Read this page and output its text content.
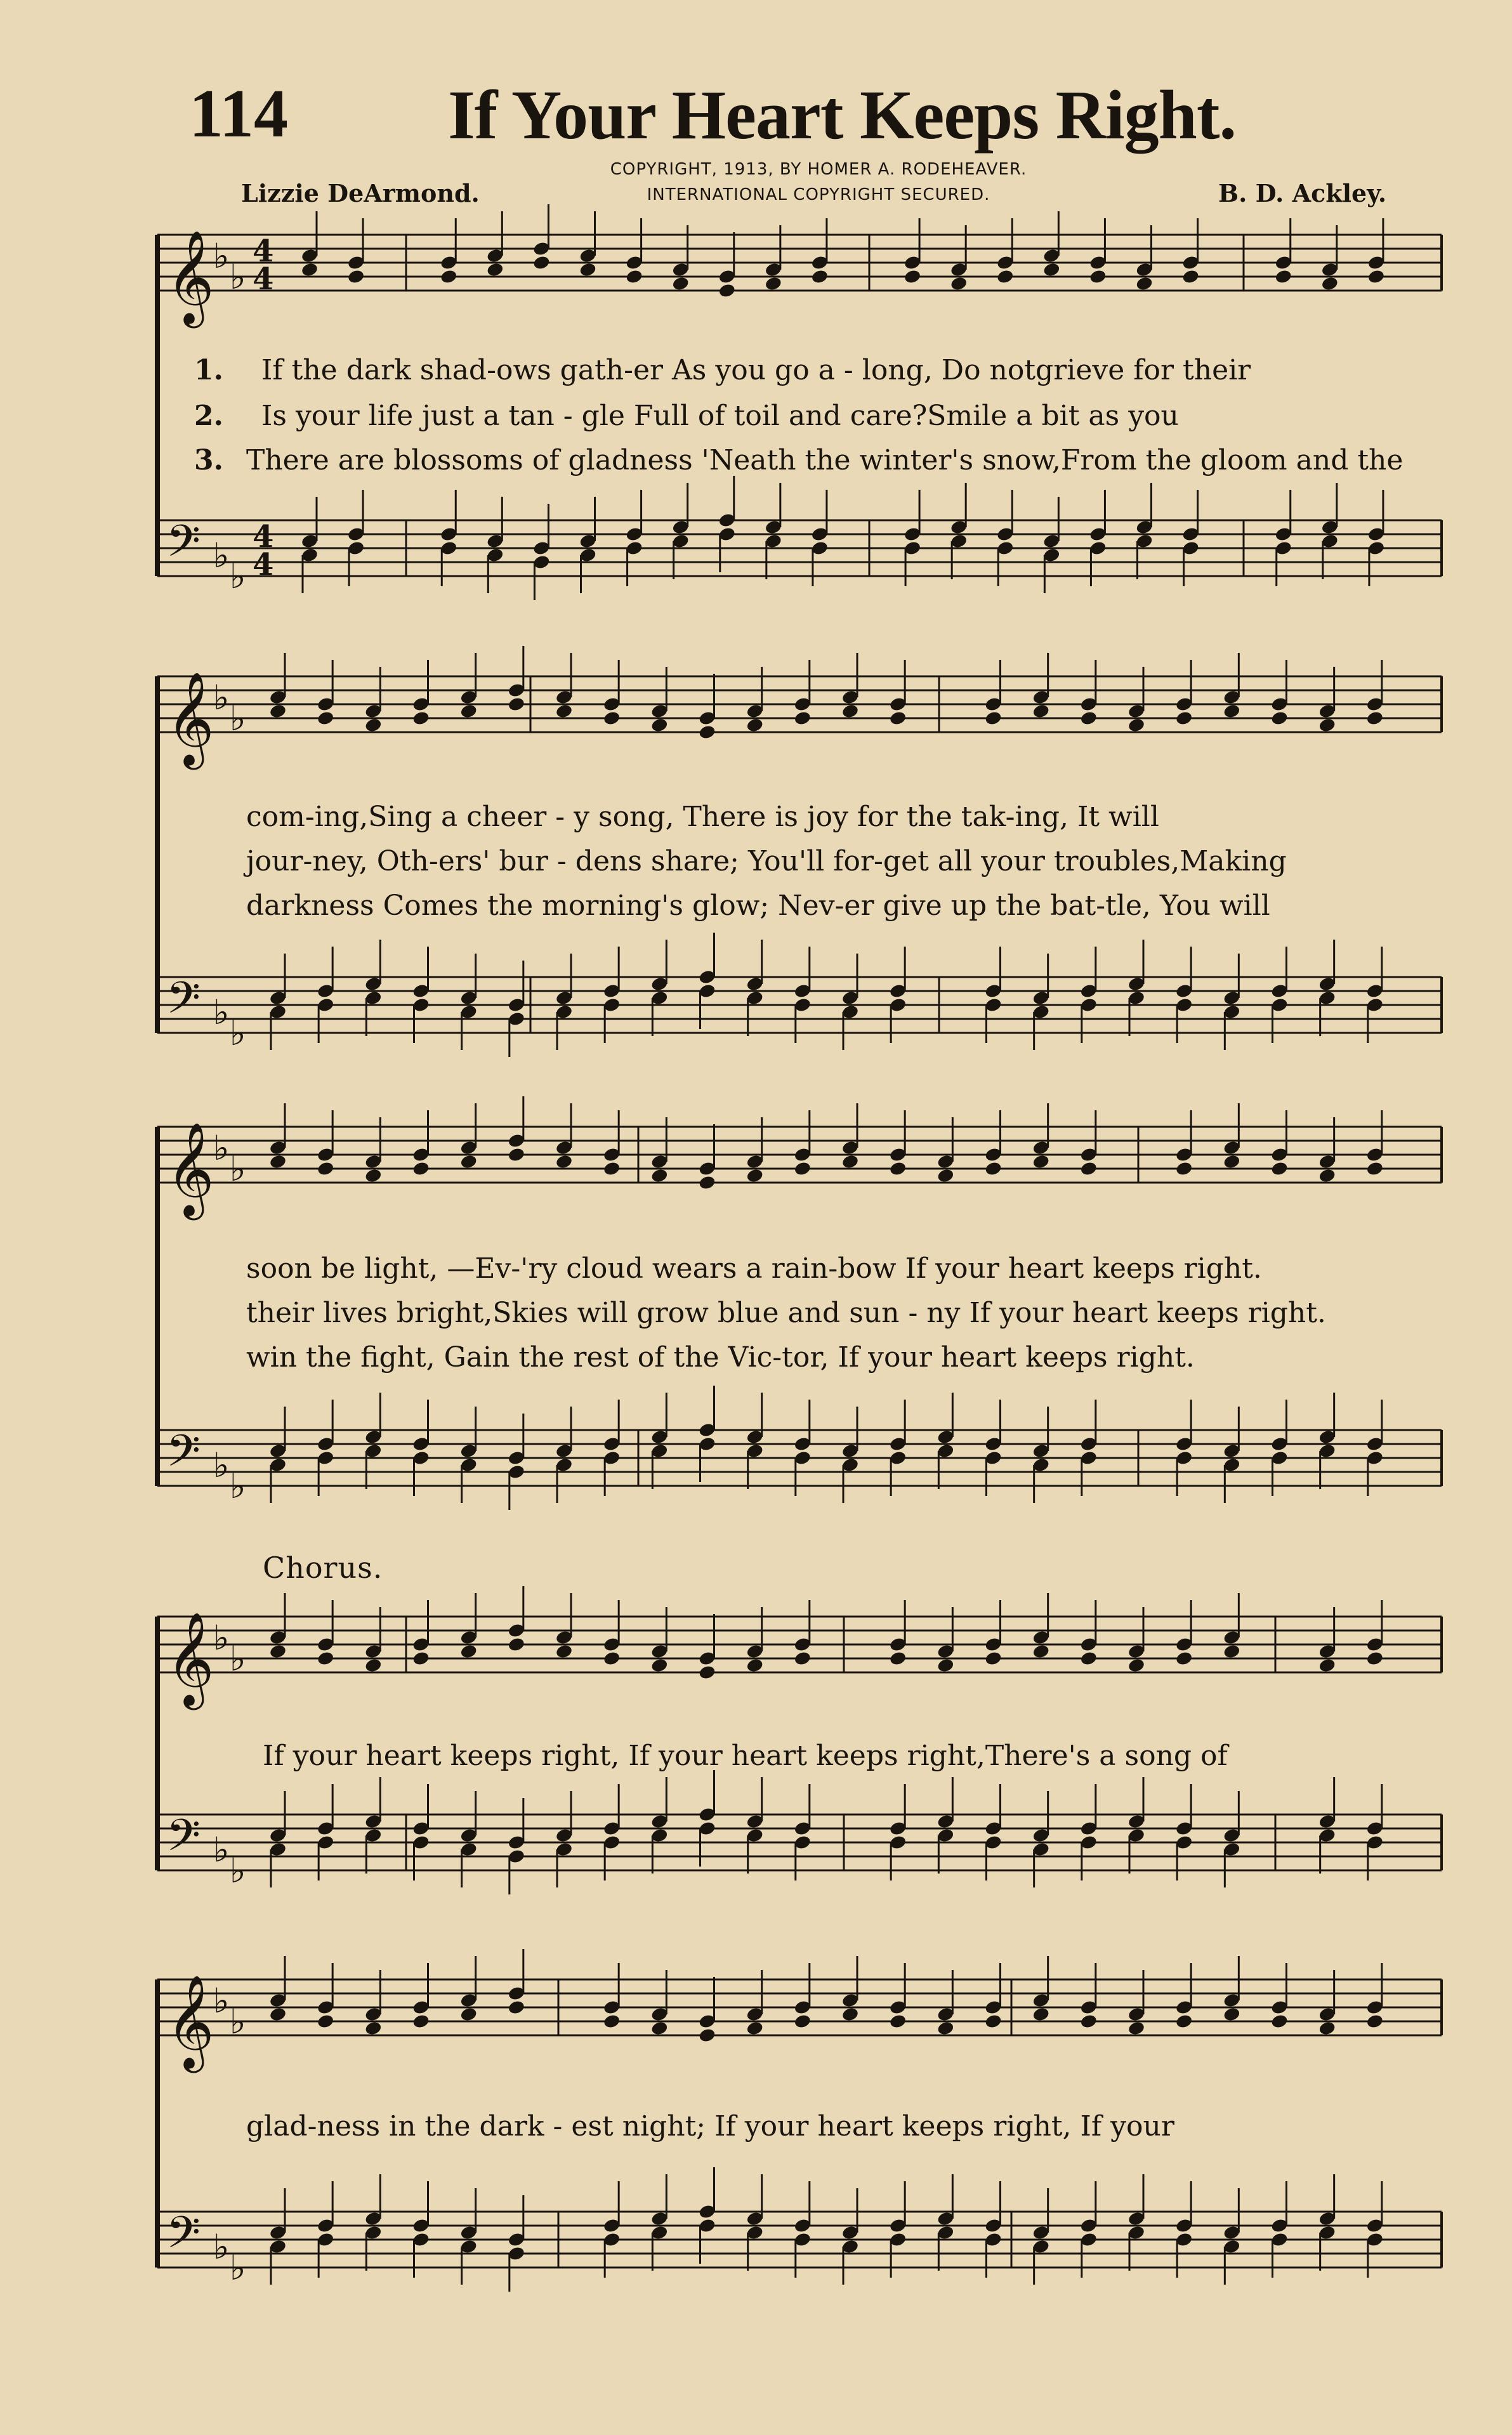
114 If Your Heart Keeps Right.
Lizzie DeArmond.	B. D. Ackley.
COPYRIGHT, 1913, BY HOMER A. RODEHEAVER.
INTERNATIONAL COPYRIGHT SECURED.
𝄞
𝄢
♭
♭
♭
♭
4
4
4
4
𝄞
𝄢
♭
♭
♭
♭
𝄞
𝄢
♭
♭
♭
♭
𝄞
𝄢
♭
♭
♭
♭
𝄞
𝄢
♭
♭
♭
♭
1.
2.
3.
If the dark shad-ows gath-er As you go a - long, Do notgrieve for their
Is your life just a tan - gle Full of toil and care?Smile a bit as you
There are blossoms of gladness 'Neath the winter's snow,From the gloom and the
com-ing,Sing a cheer - y song, There is joy for the tak-ing, It will
jour-ney, Oth-ers' bur - dens share; You'll for-get all your troubles,Making
darkness Comes the morning's glow; Nev-er give up the bat-tle, You will
soon be light, —Ev-'ry cloud wears a rain-bow If your heart keeps right.
their lives bright,Skies will grow blue and sun - ny If your heart keeps right.
win the fight, Gain the rest of the Vic-tor, If your heart keeps right.
Chorus.
If your heart keeps right, If your heart keeps right,There's a song of
glad-ness in the dark - est night; If your heart keeps right, If your
